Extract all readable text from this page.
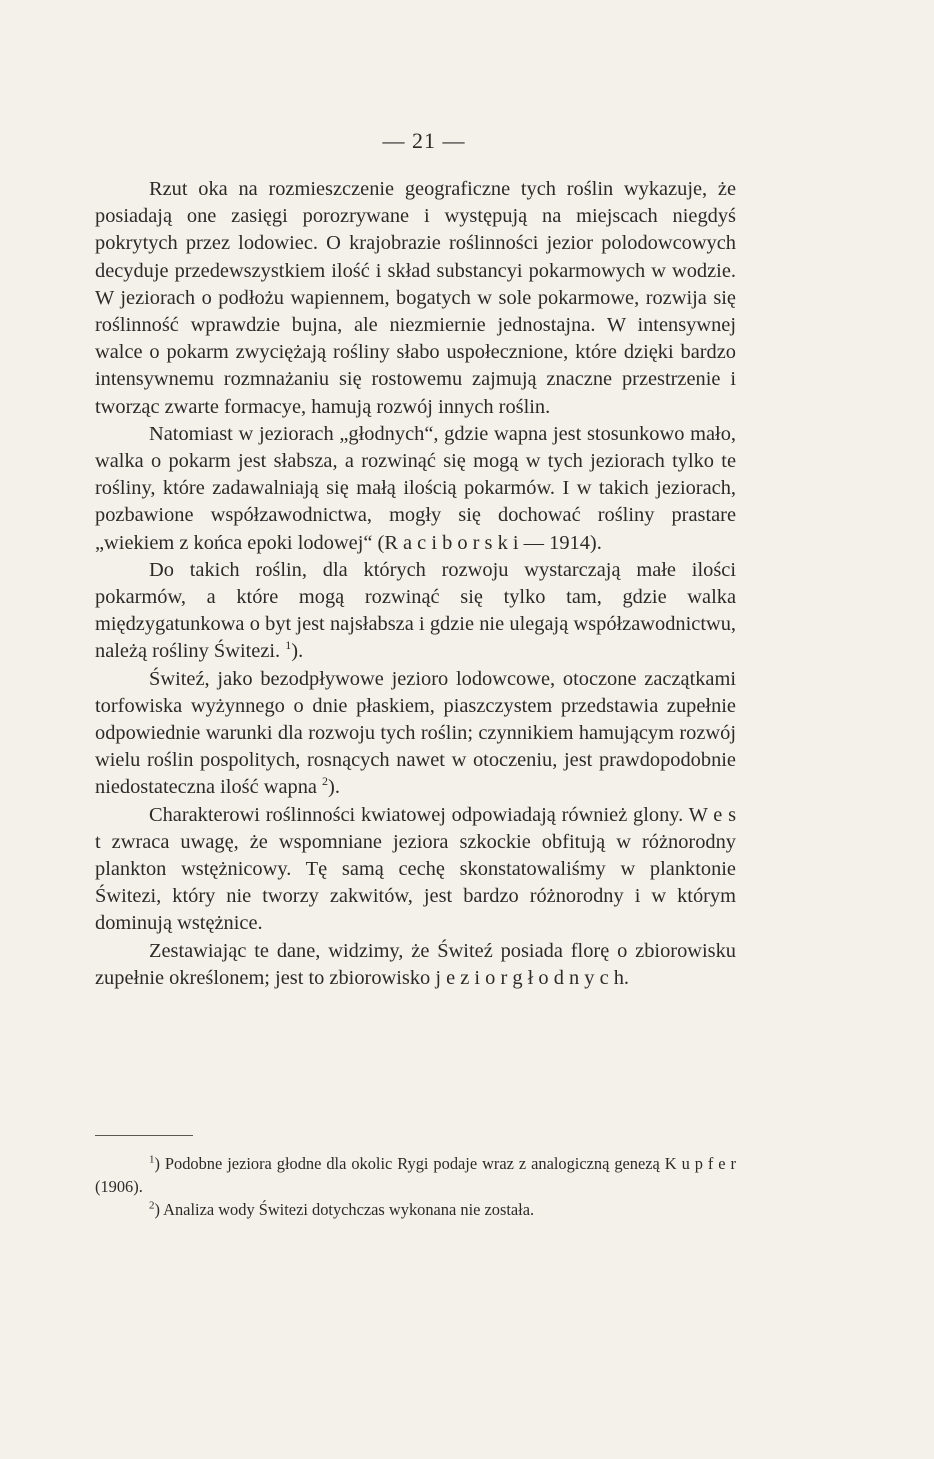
— 21 —

Rzut oka na rozmieszczenie geograficzne tych roślin wykazuje, że posiadają one zasięgi porozrywane i występują na miejscach niegdyś pokrytych przez lodowiec. O krajobrazie roślinności jezior polodowcowych decyduje przedewszystkiem ilość i skład substancyi pokarmowych w wodzie. W jeziorach o podłożu wapiennem, bogatych w sole pokarmowe, rozwija się roślinność wprawdzie bujna, ale niezmiernie jednostajna. W intensywnej walce o pokarm zwyciężają rośliny słabo uspołecznione, które dzięki bardzo intensywnemu rozmnażaniu się rostowemu zajmują znaczne przestrzenie i tworząc zwarte formacye, hamują rozwój innych roślin.

Natomiast w jeziorach „głodnych“, gdzie wapna jest stosunkowo mało, walka o pokarm jest słabsza, a rozwinąć się mogą w tych jeziorach tylko te rośliny, które zadawalniają się małą ilością pokarmów. I w takich jeziorach, pozbawione współzawodnictwa, mogły się dochować rośliny prastare „wiekiem z końca epoki lodowej“ (R a c i b o r s k i — 1914).

Do takich roślin, dla których rozwoju wystarczają małe ilości pokarmów, a które mogą rozwinąć się tylko tam, gdzie walka międzygatunkowa o byt jest najsłabsza i gdzie nie ulegają współzawodnictwu, należą rośliny Świtezi. $^1$).

Świteź, jako bezodpływowe jezioro lodowcowe, otoczone zaczątkami torfowiska wyżynnego o dnie płaskiem, piaszczystem przedstawia zupełnie odpowiednie warunki dla rozwoju tych roślin; czynnikiem hamującym rozwój wielu roślin pospolitych, rosnących nawet w otoczeniu, jest prawdopodobnie niedostateczna ilość wapna $^2$).

Charakterowi roślinności kwiatowej odpowiadają również glony. W e s t zwraca uwagę, że wspomniane jeziora szkockie obfitują w różnorodny plankton wstężnicowy. Tę samą cechę skonstatowaliśmy w planktonie Świtezi, który nie tworzy zakwitów, jest bardzo różnorodny i w którym dominują wstężnice.

Zestawiając te dane, widzimy, że Świteź posiada florę o zbiorowisku zupełnie określonem; jest to zbiorowisko j e z i o r g ł o d n y c h.

$^1$) Podobne jeziora głodne dla okolic Rygi podaje wraz z analogiczną genezą K u p f e r (1906).

$^2$) Analiza wody Świtezi dotychczas wykonana nie została.
